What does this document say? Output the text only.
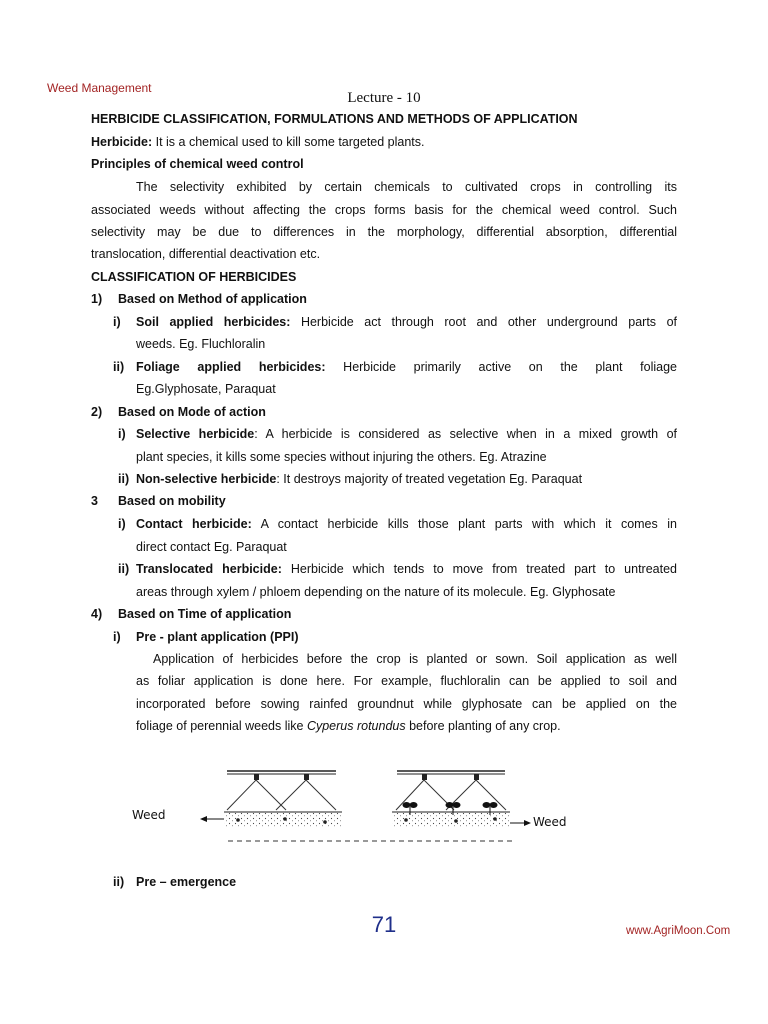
Weed Management
Lecture - 10
HERBICIDE CLASSIFICATION, FORMULATIONS AND METHODS OF APPLICATION
Herbicide: It is a chemical used to kill some targeted plants.
Principles of chemical weed control
The selectivity exhibited by certain chemicals to cultivated crops in controlling its
associated weeds without affecting the crops forms basis for the chemical weed control. Such
selectivity may be due to differences in the morphology, differential absorption, differential
translocation, differential deactivation etc.
CLASSIFICATION OF HERBICIDES
1) Based on Method of application
i) Soil applied herbicides: Herbicide act through root and other underground parts of
weeds. Eg. Fluchloralin
ii) Foliage applied herbicides: Herbicide primarily active on the plant foliage
Eg.Glyphosate, Paraquat
2) Based on Mode of action
i) Selective herbicide: A herbicide is considered as selective when in a mixed growth of
plant species, it kills some species without injuring the others. Eg. Atrazine
ii) Non-selective herbicide: It destroys majority of treated vegetation Eg. Paraquat
3 Based on mobility
i) Contact herbicide: A contact herbicide kills those plant parts with which it comes in
direct contact Eg. Paraquat
ii) Translocated herbicide: Herbicide which tends to move from treated part to untreated
areas through xylem / phloem depending on the nature of its molecule. Eg. Glyphosate
4) Based on Time of application
i) Pre - plant application (PPI)
Application of herbicides before the crop is planted or sown. Soil application as well
as foliar application is done here. For example, fluchloralin can be applied to soil and
incorporated before sowing rainfed groundnut while glyphosate can be applied on the
foliage of perennial weeds like Cyperus rotundus before planting of any crop.
Weed	Weed
ii) Pre – emergence
71	www.AgriMoon.Com
